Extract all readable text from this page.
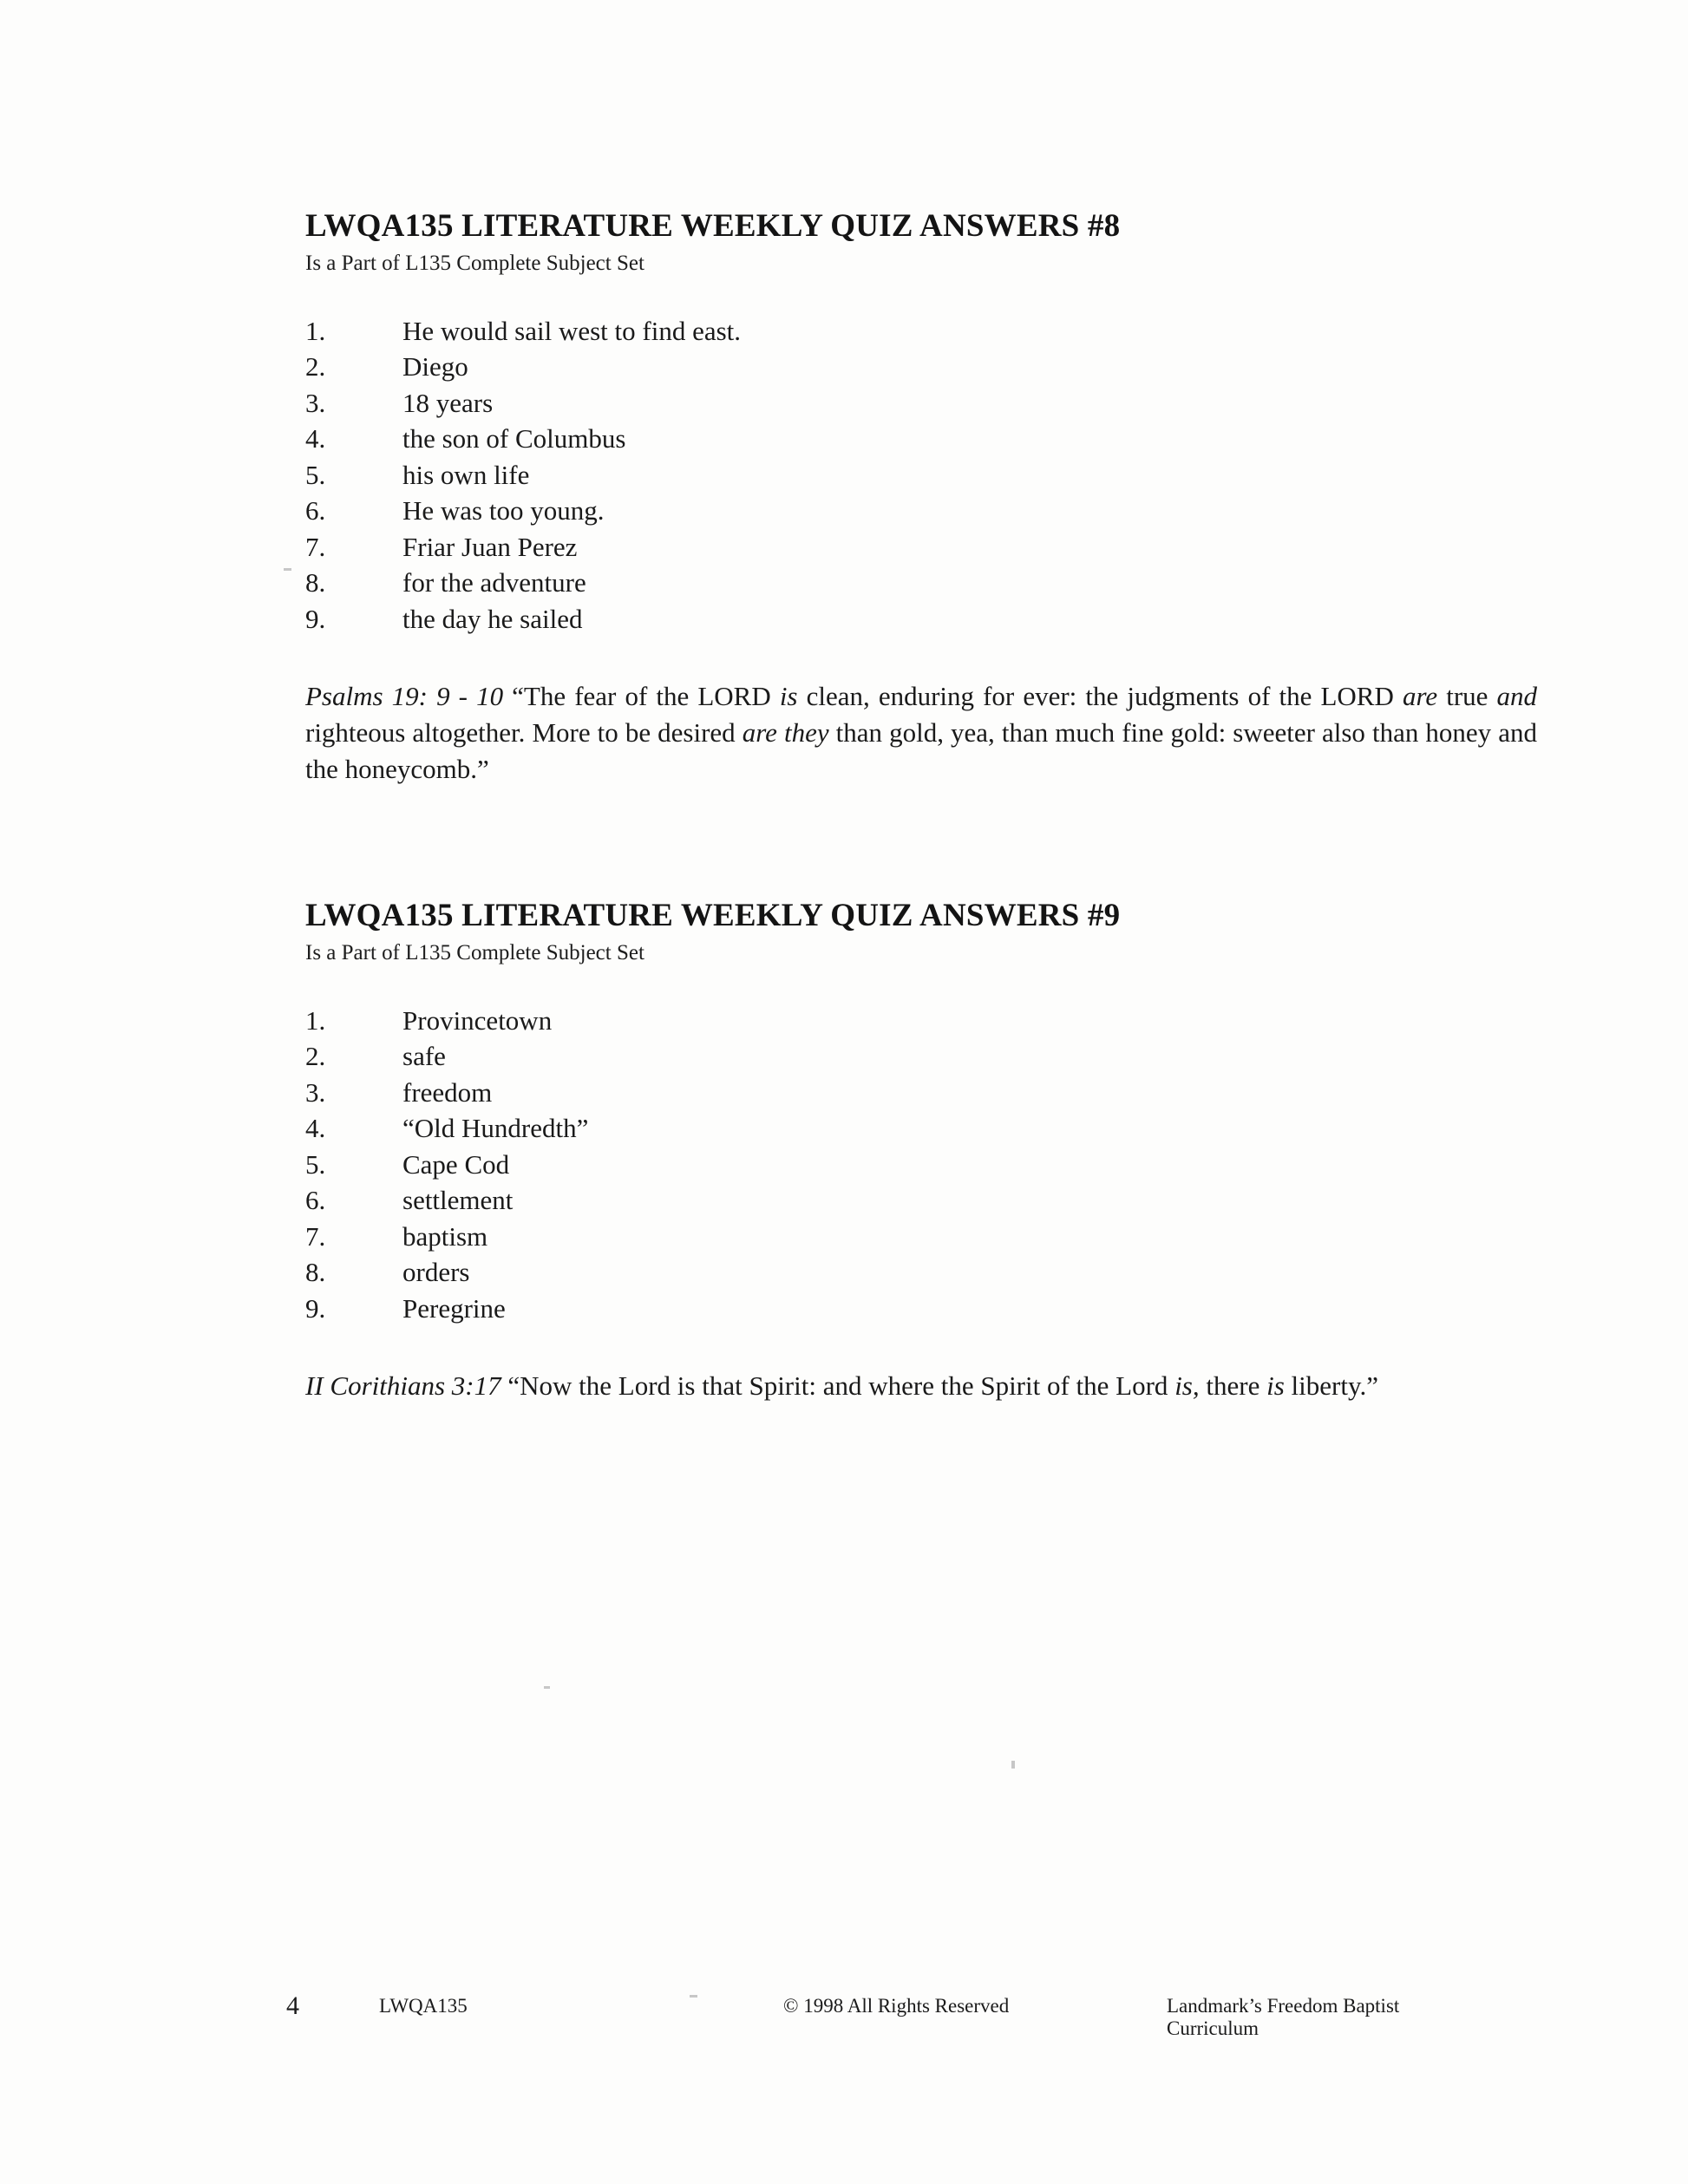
LWQA135 LITERATURE WEEKLY QUIZ ANSWERS #8
Is a Part of L135 Complete Subject Set
1.	He would sail west to find east.
2.	Diego
3.	18 years
4.	the son of Columbus
5.	his own life
6.	He was too young.
7.	Friar Juan Perez
8.	for the adventure
9.	the day he sailed

Psalms 19: 9 - 10 “The fear of the LORD is clean, enduring for ever: the judgments of the LORD are true and righteous altogether. More to be desired are they than gold, yea, than much fine gold: sweeter also than honey and the honeycomb.”

LWQA135 LITERATURE WEEKLY QUIZ ANSWERS #9
Is a Part of L135 Complete Subject Set
1.	Provincetown
2.	safe
3.	freedom
4.	“Old Hundredth”
5.	Cape Cod
6.	settlement
7.	baptism
8.	orders
9.	Peregrine

II Corithians 3:17 “Now the Lord is that Spirit: and where the Spirit of the Lord is, there is liberty.”

4	LWQA135	© 1998 All Rights Reserved	Landmark’s Freedom Baptist Curriculum
